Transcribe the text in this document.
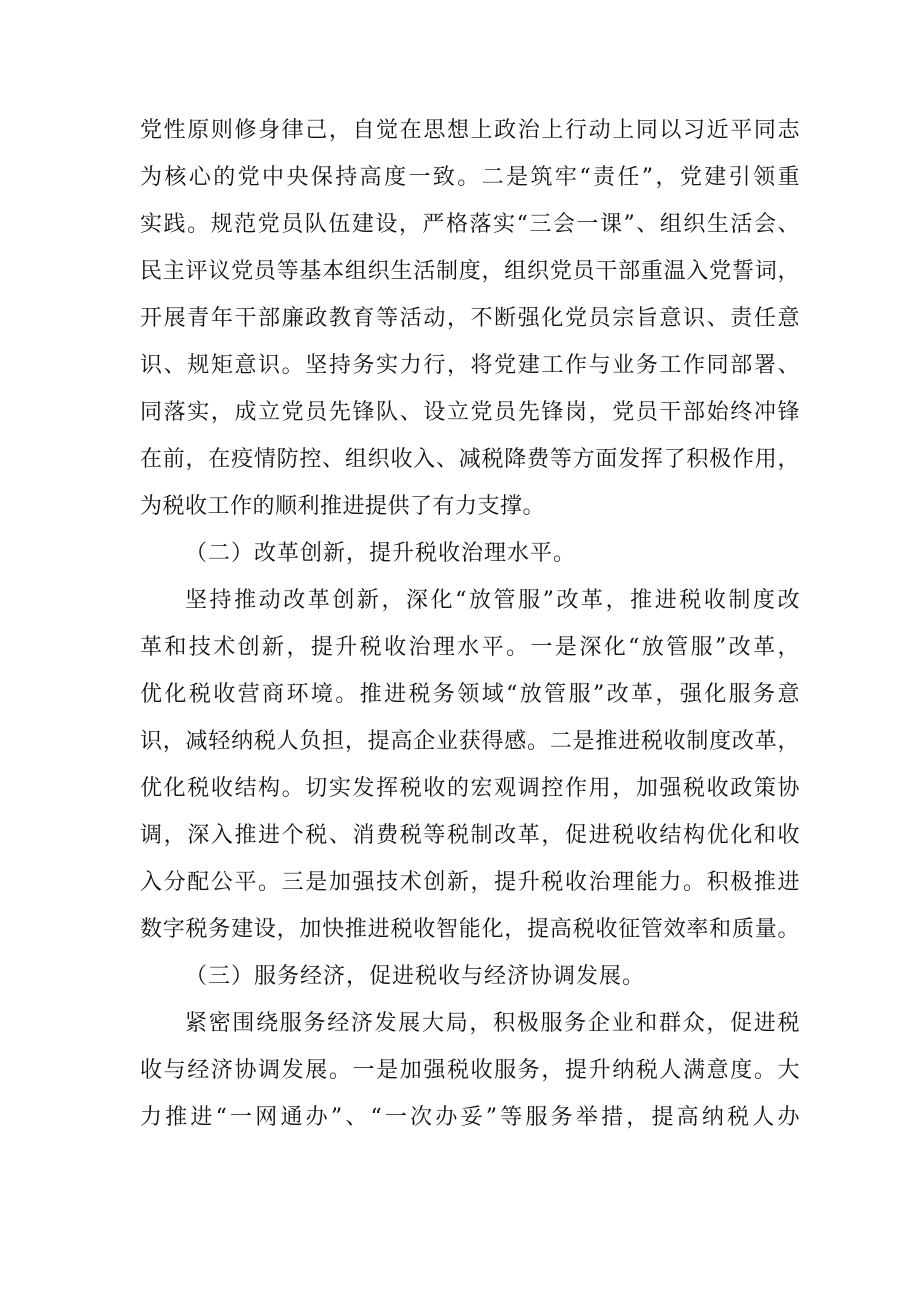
党性原则修身律己，自觉在思想上政治上行动上同以习近平同志
为核心的党中央保持高度一致。二是筑牢“责任”，党建引领重
实践。规范党员队伍建设，严格落实“三会一课”、组织生活会、
民主评议党员等基本组织生活制度，组织党员干部重温入党誓词，
开展青年干部廉政教育等活动，不断强化党员宗旨意识、责任意
识、规矩意识。坚持务实力行，将党建工作与业务工作同部署、
同落实，成立党员先锋队、设立党员先锋岗，党员干部始终冲锋
在前，在疫情防控、组织收入、减税降费等方面发挥了积极作用，
为税收工作的顺利推进提供了有力支撑。
（二）改革创新，提升税收治理水平。
坚持推动改革创新，深化“放管服”改革，推进税收制度改
革和技术创新，提升税收治理水平。一是深化“放管服”改革，
优化税收营商环境。推进税务领域“放管服”改革，强化服务意
识，减轻纳税人负担，提高企业获得感。二是推进税收制度改革，
优化税收结构。切实发挥税收的宏观调控作用，加强税收政策协
调，深入推进个税、消费税等税制改革，促进税收结构优化和收
入分配公平。三是加强技术创新，提升税收治理能力。积极推进
数字税务建设，加快推进税收智能化，提高税收征管效率和质量。
（三）服务经济，促进税收与经济协调发展。
紧密围绕服务经济发展大局，积极服务企业和群众，促进税
收与经济协调发展。一是加强税收服务，提升纳税人满意度。大
力推进“一网通办”、“一次办妥”等服务举措，提高纳税人办
